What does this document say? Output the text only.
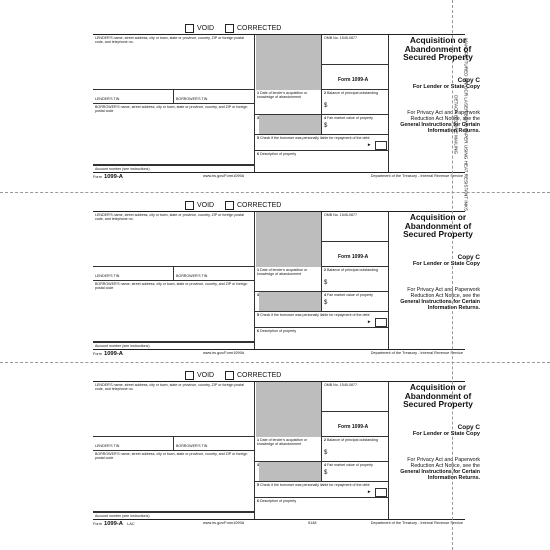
VOID	CORRECTED
LENDER'S name, street address, city or town, state or province, country, ZIP or foreign postal code, and telephone no.
OMB No. 1545-0877
Form 1099-A
LENDER'S TIN	BORROWER'S TIN
1 Date of lender's acquisition or knowledge of abandonment
2 Balance of principal outstanding
$
BORROWER'S name, street address, city or town, state or province, country, and ZIP or foreign postal code
3	4 Fair market value of property
$
5 Check if the borrower was personally liable for repayment of the debt
►
6 Description of property
Account number (see instructions)
Acquisition or Abandonment of Secured Property
Copy C
For Lender or State Copy
For Privacy Act and Paperwork Reduction Act Notice, see the General Instructions for Certain Information Returns.
Form 1099-A	www.irs.gov/Form1099A	Department of the Treasury - Internal Revenue Service
VOID	CORRECTED
LENDER'S name, street address, city or town, state or province, country, ZIP or foreign postal code, and telephone no.
OMB No. 1545-0877
Form 1099-A
LENDER'S TIN	BORROWER'S TIN
1 Date of lender's acquisition or knowledge of abandonment
2 Balance of principal outstanding
$
BORROWER'S name, street address, city or town, state or province, country, and ZIP or foreign postal code
3	4 Fair market value of property
$
5 Check if the borrower was personally liable for repayment of the debt
►
6 Description of property
Account number (see instructions)
Acquisition or Abandonment of Secured Property
Copy C
For Lender or State Copy
For Privacy Act and Paperwork Reduction Act Notice, see the General Instructions for Certain Information Returns.
Form 1099-A	www.irs.gov/Form1099A	Department of the Treasury - Internal Revenue Service
VOID	CORRECTED
LENDER'S name, street address, city or town, state or province, country, ZIP or foreign postal code, and telephone no.
OMB No. 1545-0877
Form 1099-A
LENDER'S TIN	BORROWER'S TIN
1 Date of lender's acquisition or knowledge of abandonment
2 Balance of principal outstanding
$
BORROWER'S name, street address, city or town, state or province, country, and ZIP or foreign postal code
3	4 Fair market value of property
$
5 Check if the borrower was personally liable for repayment of the debt
►
6 Description of property
Account number (see instructions)
Acquisition or Abandonment of Secured Property
Copy C
For Lender or State Copy
For Privacy Act and Paperwork Reduction Act Notice, see the General Instructions for Certain Information Returns.
Form 1099-A LAC	www.irs.gov/Form1099A	5148	Department of the Treasury - Internal Revenue Service
DETACH BEFORE MAILING MANUFACTURED ON OCR LASER BOND PAPER USING HEAT RESISTANT INKS
